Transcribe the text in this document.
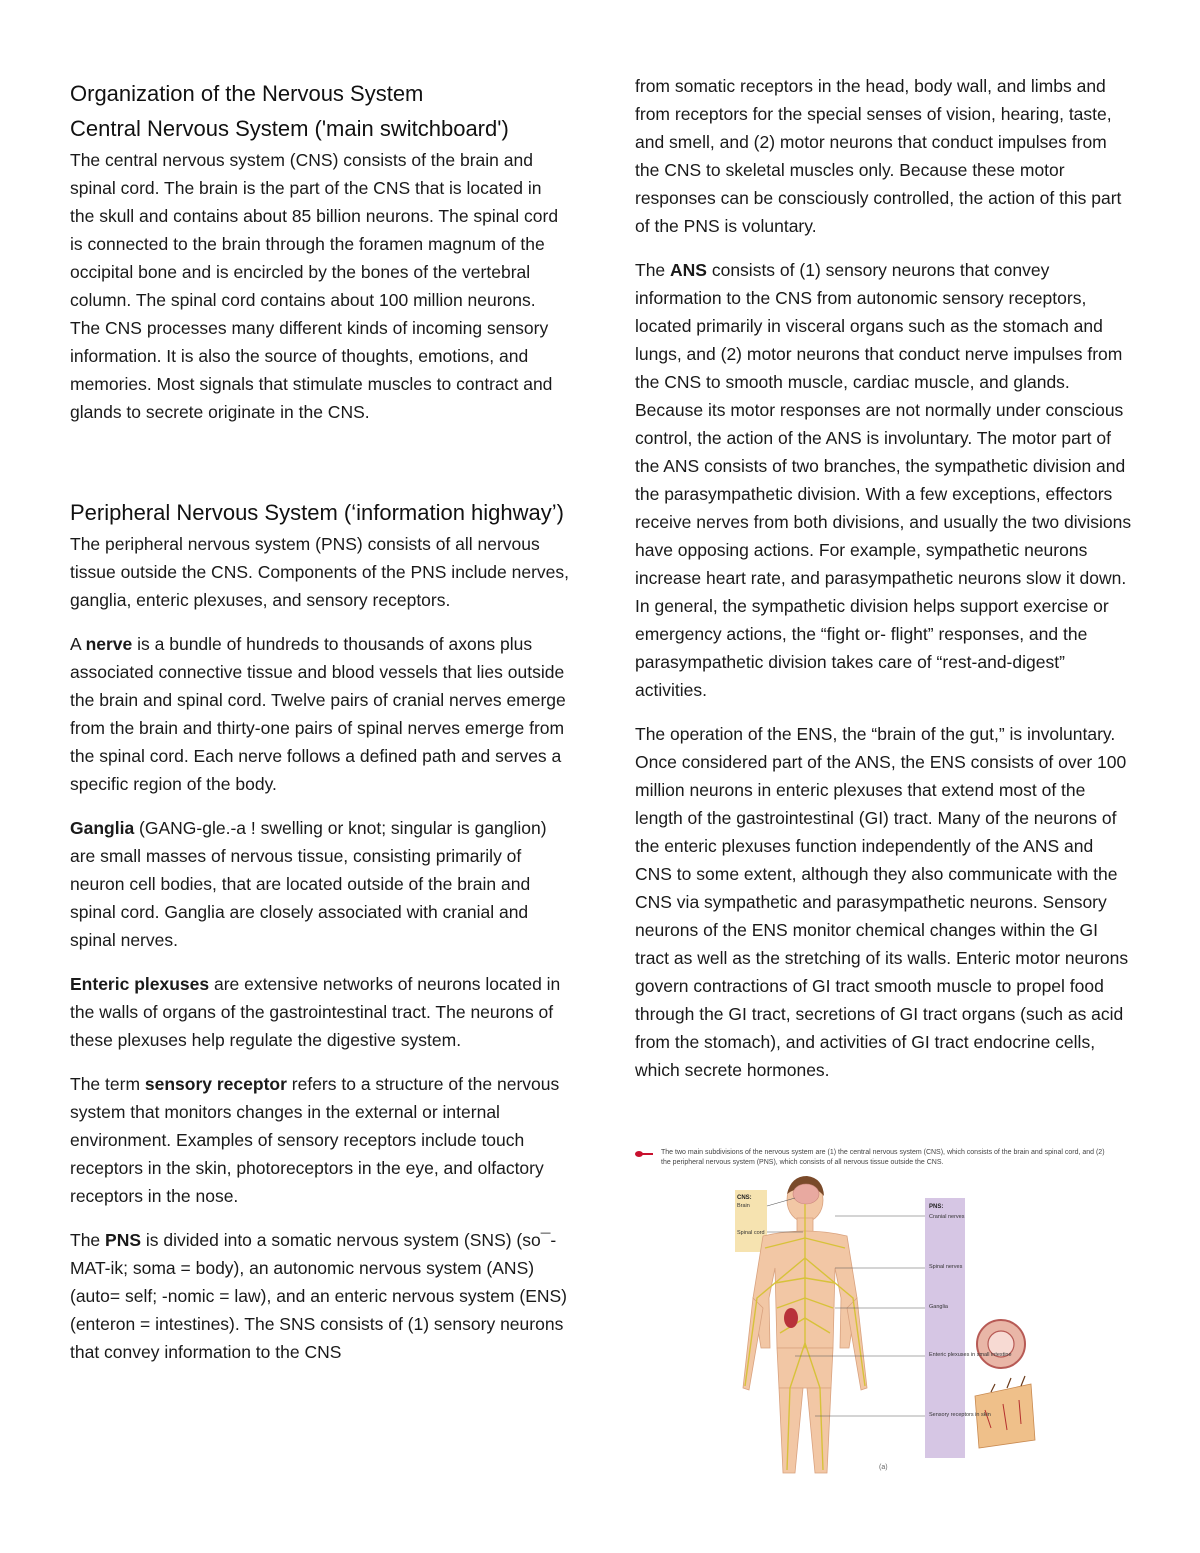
Organization of the Nervous System
Central Nervous System ('main switchboard')

The central nervous system (CNS) consists of the brain and spinal cord. The brain is the part of the CNS that is located in the skull and contains about 85 billion neurons. The spinal cord is connected to the brain through the foramen magnum of the occipital bone and is encircled by the bones of the vertebral column. The spinal cord contains about 100 million neurons. The CNS processes many different kinds of incoming sensory information. It is also the source of thoughts, emotions, and memories. Most signals that stimulate muscles to contract and glands to secrete originate in the CNS.

Peripheral Nervous System (‘information highway’)

The peripheral nervous system (PNS) consists of all nervous tissue outside the CNS. Components of the PNS include nerves, ganglia, enteric plexuses, and sensory receptors.

A nerve is a bundle of hundreds to thousands of axons plus associated connective tissue and blood vessels that lies outside the brain and spinal cord. Twelve pairs of cranial nerves emerge from the brain and thirty-one pairs of spinal nerves emerge from the spinal cord. Each nerve follows a defined path and serves a specific region of the body.

Ganglia (GANG-gle.-a ! swelling or knot; singular is ganglion) are small masses of nervous tissue, consisting primarily of neuron cell bodies, that are located outside of the brain and spinal cord. Ganglia are closely associated with cranial and spinal nerves.

Enteric plexuses are extensive networks of neurons located in the walls of organs of the gastrointestinal tract. The neurons of these plexuses help regulate the digestive system.

The term sensory receptor refers to a structure of the nervous system that monitors changes in the external or internal environment. Examples of sensory receptors include touch receptors in the skin, photoreceptors in the eye, and olfactory receptors in the nose.

The PNS is divided into a somatic nervous system (SNS) (so¯-MAT-ik; soma = body), an autonomic nervous system (ANS)(auto= self; -nomic = law), and an enteric nervous system (ENS) (enteron = intestines). The SNS consists of (1) sensory neurons that convey information to the CNS

from somatic receptors in the head, body wall, and limbs and from receptors for the special senses of vision, hearing, taste, and smell, and (2) motor neurons that conduct impulses from the CNS to skeletal muscles only. Because these motor responses can be consciously controlled, the action of this part of the PNS is voluntary.

The ANS consists of (1) sensory neurons that convey information to the CNS from autonomic sensory receptors, located primarily in visceral organs such as the stomach and lungs, and (2) motor neurons that conduct nerve impulses from the CNS to smooth muscle, cardiac muscle, and glands. Because its motor responses are not normally under conscious control, the action of the ANS is involuntary. The motor part of the ANS consists of two branches, the sympathetic division and the parasympathetic division. With a few exceptions, effectors receive nerves from both divisions, and usually the two divisions have opposing actions. For example, sympathetic neurons increase heart rate, and parasympathetic neurons slow it down. In general, the sympathetic division helps support exercise or emergency actions, the “fight or- flight” responses, and the parasympathetic division takes care of “rest-and-digest” activities.

The operation of the ENS, the “brain of the gut,” is involuntary. Once considered part of the ANS, the ENS consists of over 100 million neurons in enteric plexuses that extend most of the length of the gastrointestinal (GI) tract. Many of the neurons of the enteric plexuses function independently of the ANS and CNS to some extent, although they also communicate with the CNS via sympathetic and parasympathetic neurons. Sensory neurons of the ENS monitor chemical changes within the GI tract as well as the stretching of its walls. Enteric motor neurons govern contractions of GI tract smooth muscle to propel food through the GI tract, secretions of GI tract organs (such as acid from the stomach), and activities of GI tract endocrine cells, which secrete hormones.

The two main subdivisions of the nervous system are (1) the central nervous system (CNS), which consists of the brain and spinal cord, and (2) the peripheral nervous system (PNS), which consists of all nervous tissue outside the CNS.
CNS:
Brain
Spinal cord
PNS:
Cranial nerves
Spinal nerves
Ganglia
Enteric plexuses in small intestine
Sensory receptors in skin
(a)
